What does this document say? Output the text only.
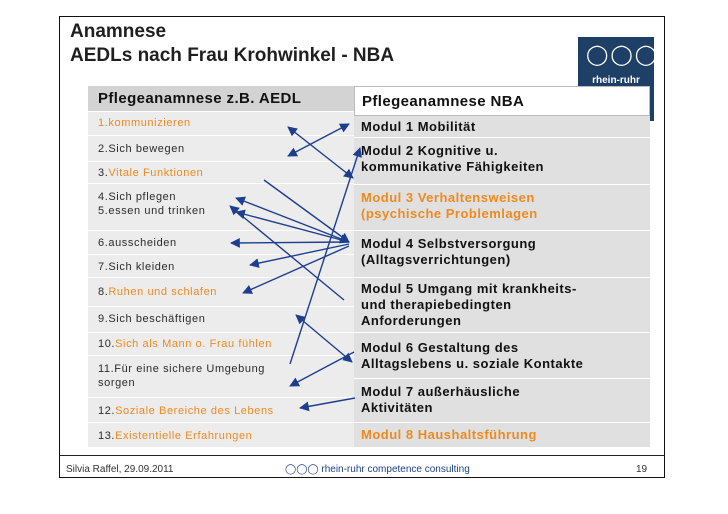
Anamnese
AEDLs nach Frau Krohwinkel - NBA	◯◯◯
rhein-ruhr
Pflegeanamnese z.B. AEDL
1.kommunizieren
2.Sich bewegen
3.Vitale Funktionen
4.Sich pflegen
5.essen und trinken
6.ausscheiden
7.Sich kleiden
8.Ruhen und schlafen
9.Sich beschäftigen
10.Sich als Mann o. Frau fühlen
11.Für eine sichere Umgebung
sorgen
12.Soziale Bereiche des Lebens
13.Existentielle Erfahrungen
Pflegeanamnese NBA
Modul 1 Mobilität
Modul 2 Kognitive u.
kommunikative Fähigkeiten
Modul 3 Verhaltensweisen
(psychische Problemlagen
Modul 4 Selbstversorgung
(Alltagsverrichtungen)
Modul 5 Umgang mit krankheits-
und therapiebedingten
Anforderungen
Modul 6 Gestaltung des
Alltagslebens u. soziale Kontakte
Modul 7 außerhäusliche
Aktivitäten
Modul 8 Haushaltsführung
Silvia Raffel, 29.09.2011	◯◯◯ rhein-ruhr competence consulting	19
